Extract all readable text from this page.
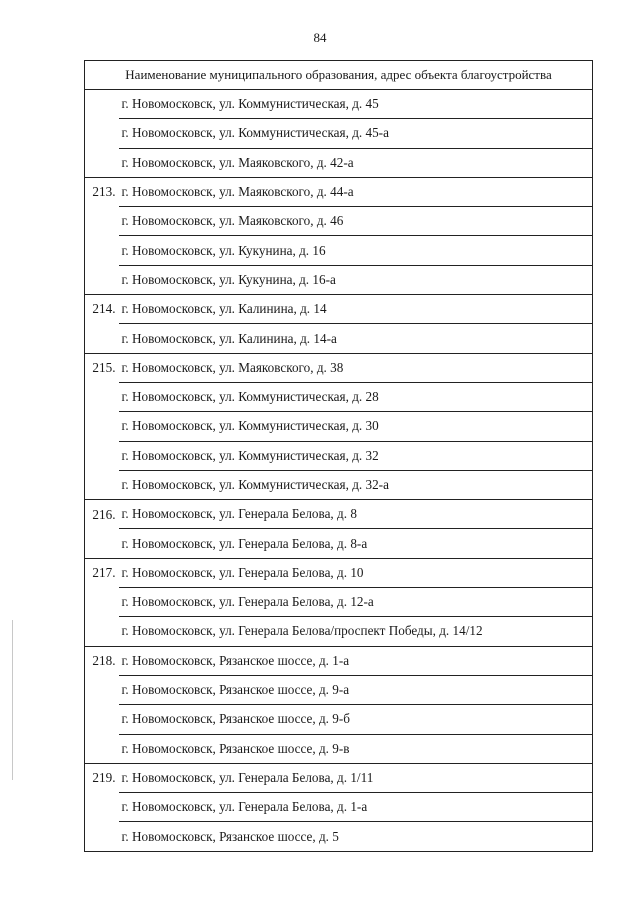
84
Наименование муниципального образования, адрес объекта благоустройства	
	г. Новомосковск, ул. Коммунистическая, д. 45
	г. Новомосковск, ул. Коммунистическая, д. 45-а
	г. Новомосковск, ул. Маяковского, д. 42-а
213.	г. Новомосковск, ул. Маяковского, д. 44-а
	г. Новомосковск, ул. Маяковского, д. 46
	г. Новомосковск, ул. Кукунина, д. 16
	г. Новомосковск, ул. Кукунина, д. 16-а
214.	г. Новомосковск, ул. Калинина, д. 14
	г. Новомосковск, ул. Калинина, д. 14-а
215.	г. Новомосковск, ул. Маяковского, д. 38
	г. Новомосковск, ул. Коммунистическая, д. 28
	г. Новомосковск, ул. Коммунистическая, д. 30
	г. Новомосковск, ул. Коммунистическая, д. 32
	г. Новомосковск, ул. Коммунистическая, д. 32-а
216.	г. Новомосковск, ул. Генерала Белова, д. 8
	г. Новомосковск, ул. Генерала Белова, д. 8-а
217.	г. Новомосковск, ул. Генерала Белова, д. 10
	г. Новомосковск, ул. Генерала Белова, д. 12-а
	г. Новомосковск, ул. Генерала Белова/проспект Победы, д. 14/12
218.	г. Новомосковск, Рязанское шоссе, д. 1-а
	г. Новомосковск, Рязанское шоссе, д. 9-а
	г. Новомосковск, Рязанское шоссе, д. 9-б
	г. Новомосковск, Рязанское шоссе, д. 9-в
219.	г. Новомосковск, ул. Генерала Белова, д. 1/11
	г. Новомосковск, ул. Генерала Белова, д. 1-а
	г. Новомосковск, Рязанское шоссе, д. 5
